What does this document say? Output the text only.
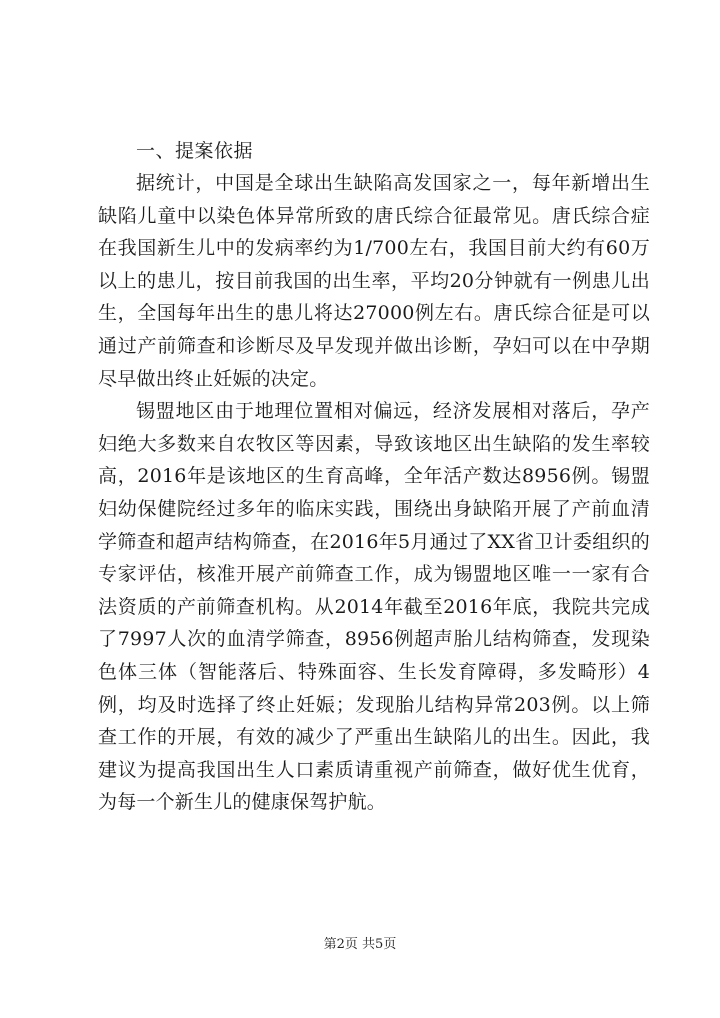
一、提案依据

据统计，中国是全球出生缺陷高发国家之一，每年新增出生缺陷儿童中以染色体异常所致的唐氏综合征最常见。唐氏综合症在我国新生儿中的发病率约为1/700左右，我国目前大约有60万以上的患儿，按目前我国的出生率，平均20分钟就有一例患儿出生，全国每年出生的患儿将达27000例左右。唐氏综合征是可以通过产前筛查和诊断尽及早发现并做出诊断，孕妇可以在中孕期尽早做出终止妊娠的决定。

锡盟地区由于地理位置相对偏远，经济发展相对落后，孕产妇绝大多数来自农牧区等因素，导致该地区出生缺陷的发生率较高，2016年是该地区的生育高峰，全年活产数达8956例。锡盟妇幼保健院经过多年的临床实践，围绕出身缺陷开展了产前血清学筛查和超声结构筛查，在2016年5月通过了XX省卫计委组织的专家评估，核准开展产前筛查工作，成为锡盟地区唯一一家有合法资质的产前筛查机构。从2014年截至2016年底，我院共完成了7997人次的血清学筛查，8956例超声胎儿结构筛查，发现染色体三体（智能落后、特殊面容、生长发育障碍，多发畸形）4例，均及时选择了终止妊娠；发现胎儿结构异常203例。以上筛查工作的开展，有效的减少了严重出生缺陷儿的出生。因此，我建议为提高我国出生人口素质请重视产前筛查，做好优生优育，为每一个新生儿的健康保驾护航。

第2页 共5页
